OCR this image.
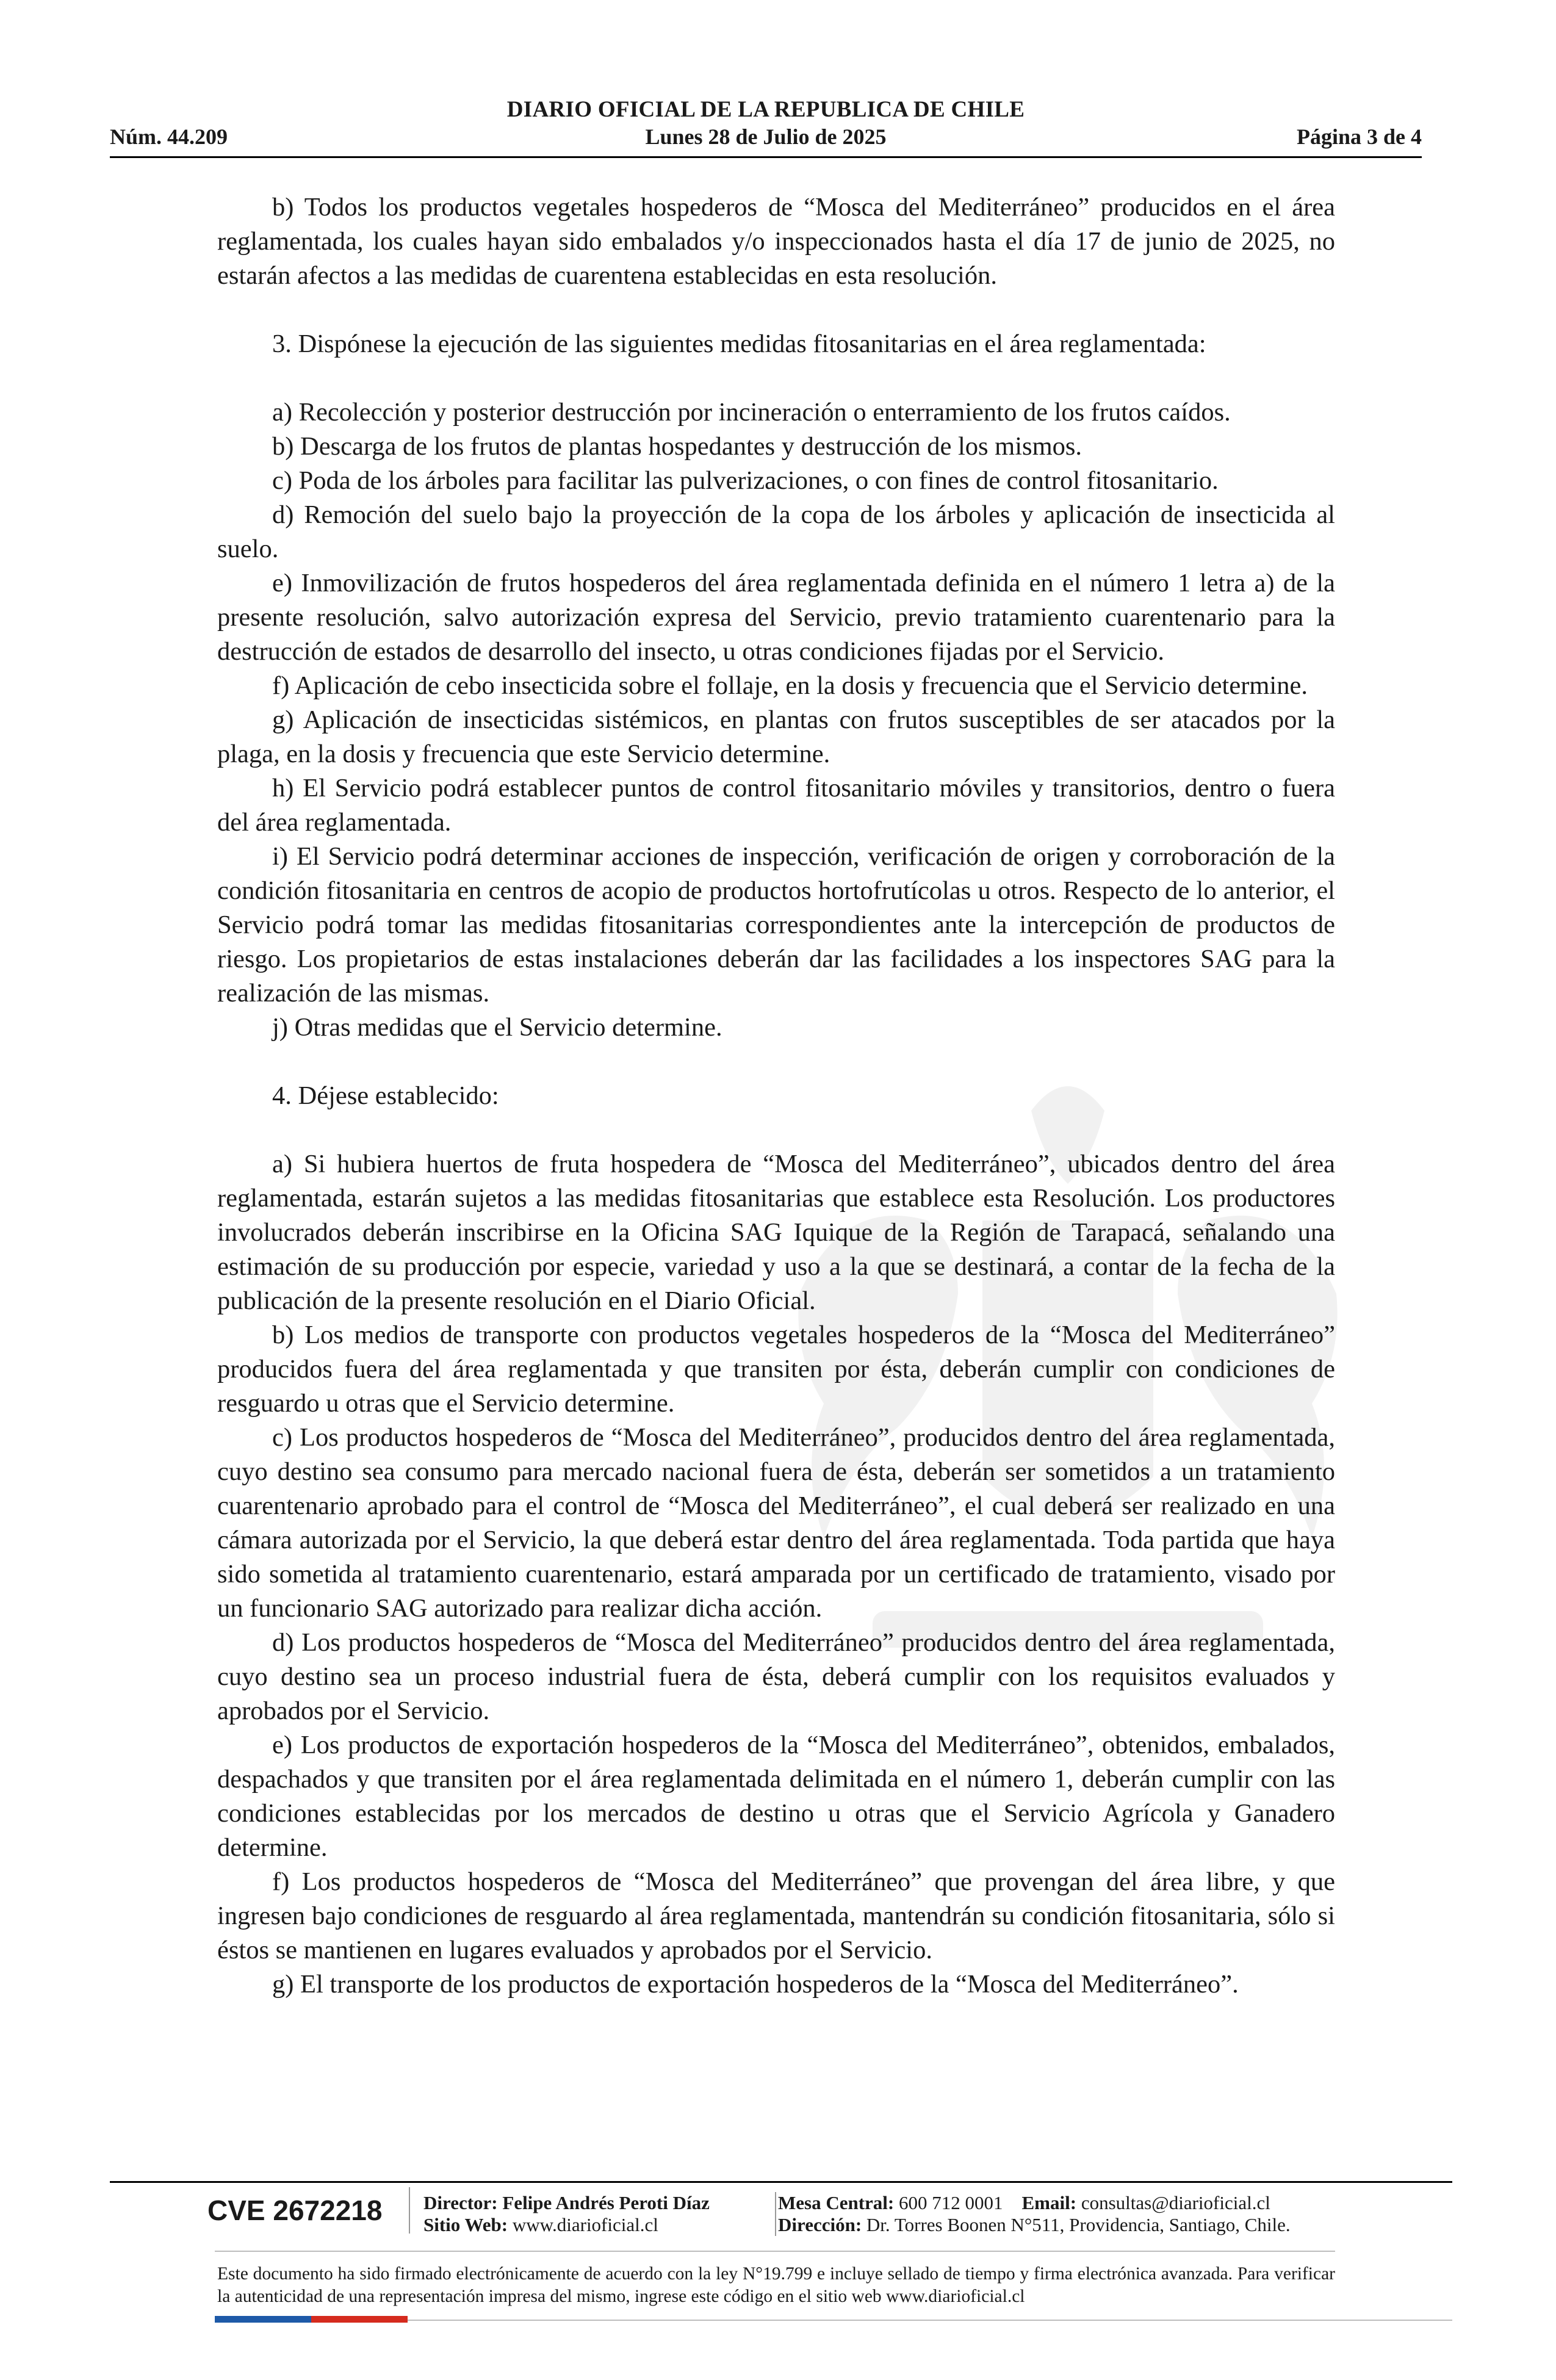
DIARIO OFICIAL DE LA REPUBLICA DE CHILE
Núm. 44.209	Lunes 28 de Julio de 2025	Página 3 de 4

b) Todos los productos vegetales hospederos de “Mosca del Mediterráneo” producidos en el área reglamentada, los cuales hayan sido embalados y/o inspeccionados hasta el día 17 de junio de 2025, no estarán afectos a las medidas de cuarentena establecidas en esta resolución.

3. Dispónese la ejecución de las siguientes medidas fitosanitarias en el área reglamentada:

a) Recolección y posterior destrucción por incineración o enterramiento de los frutos caídos.

b) Descarga de los frutos de plantas hospedantes y destrucción de los mismos.

c) Poda de los árboles para facilitar las pulverizaciones, o con fines de control fitosanitario.

d) Remoción del suelo bajo la proyección de la copa de los árboles y aplicación de insecticida al suelo.

e) Inmovilización de frutos hospederos del área reglamentada definida en el número 1 letra a) de la presente resolución, salvo autorización expresa del Servicio, previo tratamiento cuarentenario para la destrucción de estados de desarrollo del insecto, u otras condiciones fijadas por el Servicio.

f) Aplicación de cebo insecticida sobre el follaje, en la dosis y frecuencia que el Servicio determine.

g) Aplicación de insecticidas sistémicos, en plantas con frutos susceptibles de ser atacados por la plaga, en la dosis y frecuencia que este Servicio determine.

h) El Servicio podrá establecer puntos de control fitosanitario móviles y transitorios, dentro o fuera del área reglamentada.

i) El Servicio podrá determinar acciones de inspección, verificación de origen y corroboración de la condición fitosanitaria en centros de acopio de productos hortofrutícolas u otros. Respecto de lo anterior, el Servicio podrá tomar las medidas fitosanitarias correspondientes ante la intercepción de productos de riesgo. Los propietarios de estas instalaciones deberán dar las facilidades a los inspectores SAG para la realización de las mismas.

j) Otras medidas que el Servicio determine.

4. Déjese establecido:

a) Si hubiera huertos de fruta hospedera de “Mosca del Mediterráneo”, ubicados dentro del área reglamentada, estarán sujetos a las medidas fitosanitarias que establece esta Resolución. Los productores involucrados deberán inscribirse en la Oficina SAG Iquique de la Región de Tarapacá, señalando una estimación de su producción por especie, variedad y uso a la que se destinará, a contar de la fecha de la publicación de la presente resolución en el Diario Oficial.

b) Los medios de transporte con productos vegetales hospederos de la “Mosca del Mediterráneo” producidos fuera del área reglamentada y que transiten por ésta, deberán cumplir con condiciones de resguardo u otras que el Servicio determine.

c) Los productos hospederos de “Mosca del Mediterráneo”, producidos dentro del área reglamentada, cuyo destino sea consumo para mercado nacional fuera de ésta, deberán ser sometidos a un tratamiento cuarentenario aprobado para el control de “Mosca del Mediterráneo”, el cual deberá ser realizado en una cámara autorizada por el Servicio, la que deberá estar dentro del área reglamentada. Toda partida que haya sido sometida al tratamiento cuarentenario, estará amparada por un certificado de tratamiento, visado por un funcionario SAG autorizado para realizar dicha acción.

d) Los productos hospederos de “Mosca del Mediterráneo” producidos dentro del área reglamentada, cuyo destino sea un proceso industrial fuera de ésta, deberá cumplir con los requisitos evaluados y aprobados por el Servicio.

e) Los productos de exportación hospederos de la “Mosca del Mediterráneo”, obtenidos, embalados, despachados y que transiten por el área reglamentada delimitada en el número 1, deberán cumplir con las condiciones establecidas por los mercados de destino u otras que el Servicio Agrícola y Ganadero determine.

f) Los productos hospederos de “Mosca del Mediterráneo” que provengan del área libre, y que ingresen bajo condiciones de resguardo al área reglamentada, mantendrán su condición fitosanitaria, sólo si éstos se mantienen en lugares evaluados y aprobados por el Servicio.

g) El transporte de los productos de exportación hospederos de la “Mosca del Mediterráneo”.

CVE 2672218	Director: Felipe Andrés Peroti Díaz
Sitio Web: www.diarioficial.cl
Mesa Central: 600 712 0001 Email: consultas@diarioficial.cl
Dirección: Dr. Torres Boonen N°511, Providencia, Santiago, Chile.
Este documento ha sido firmado electrónicamente de acuerdo con la ley N°19.799 e incluye sellado de tiempo y firma electrónica avanzada. Para verificar la autenticidad de una representación impresa del mismo, ingrese este código en el sitio web www.diarioficial.cl
